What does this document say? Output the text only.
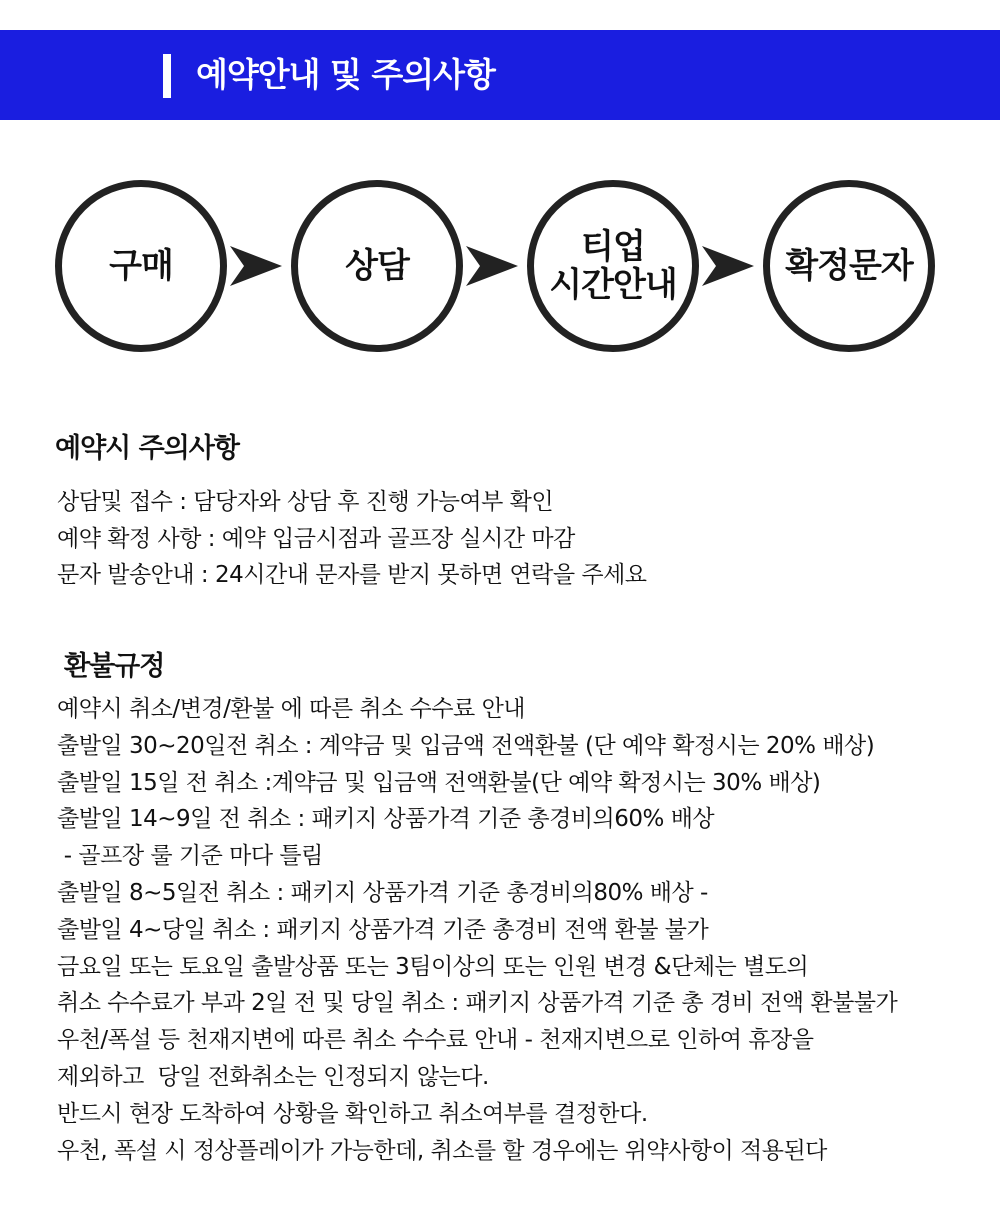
예약안내 및 주의사항
구매	상담	티업
시간안내	확정문자
예약시 주의사항
상담및 접수 : 담당자와 상담 후 진행 가능여부 확인
예약 확정 사항 : 예약 입금시점과 골프장 실시간 마감
문자 발송안내 : 24시간내 문자를 받지 못하면 연락을 주세요
환불규정
예약시 취소/변경/환불 에 따른 취소 수수료 안내
출발일 30~20일전 취소 : 계약금 및 입금액 전액환불 (단 예약 확정시는 20% 배상)
출발일 15일 전 취소 :계약금 및 입금액 전액환불(단 예약 확정시는 30% 배상)
출발일 14~9일 전 취소 : 패키지 상품가격 기준 총경비의60% 배상
- 골프장 룰 기준 마다 틀림
출발일 8~5일전 취소 : 패키지 상품가격 기준 총경비의80% 배상 -
출발일 4~당일 취소 : 패키지 상품가격 기준 총경비 전액 환불 불가
금요일 또는 토요일 출발상품 또는 3팀이상의 또는 인원 변경 &단체는 별도의
취소 수수료가 부과 2일 전 및 당일 취소 : 패키지 상품가격 기준 총 경비 전액 환불불가
우천/폭설 등 천재지변에 따른 취소 수수료 안내 - 천재지변으로 인하여 휴장을
제외하고  당일 전화취소는 인정되지 않는다.
반드시 현장 도착하여 상황을 확인하고 취소여부를 결정한다.
우천, 폭설 시 정상플레이가 가능한데, 취소를 할 경우에는 위약사항이 적용된다
